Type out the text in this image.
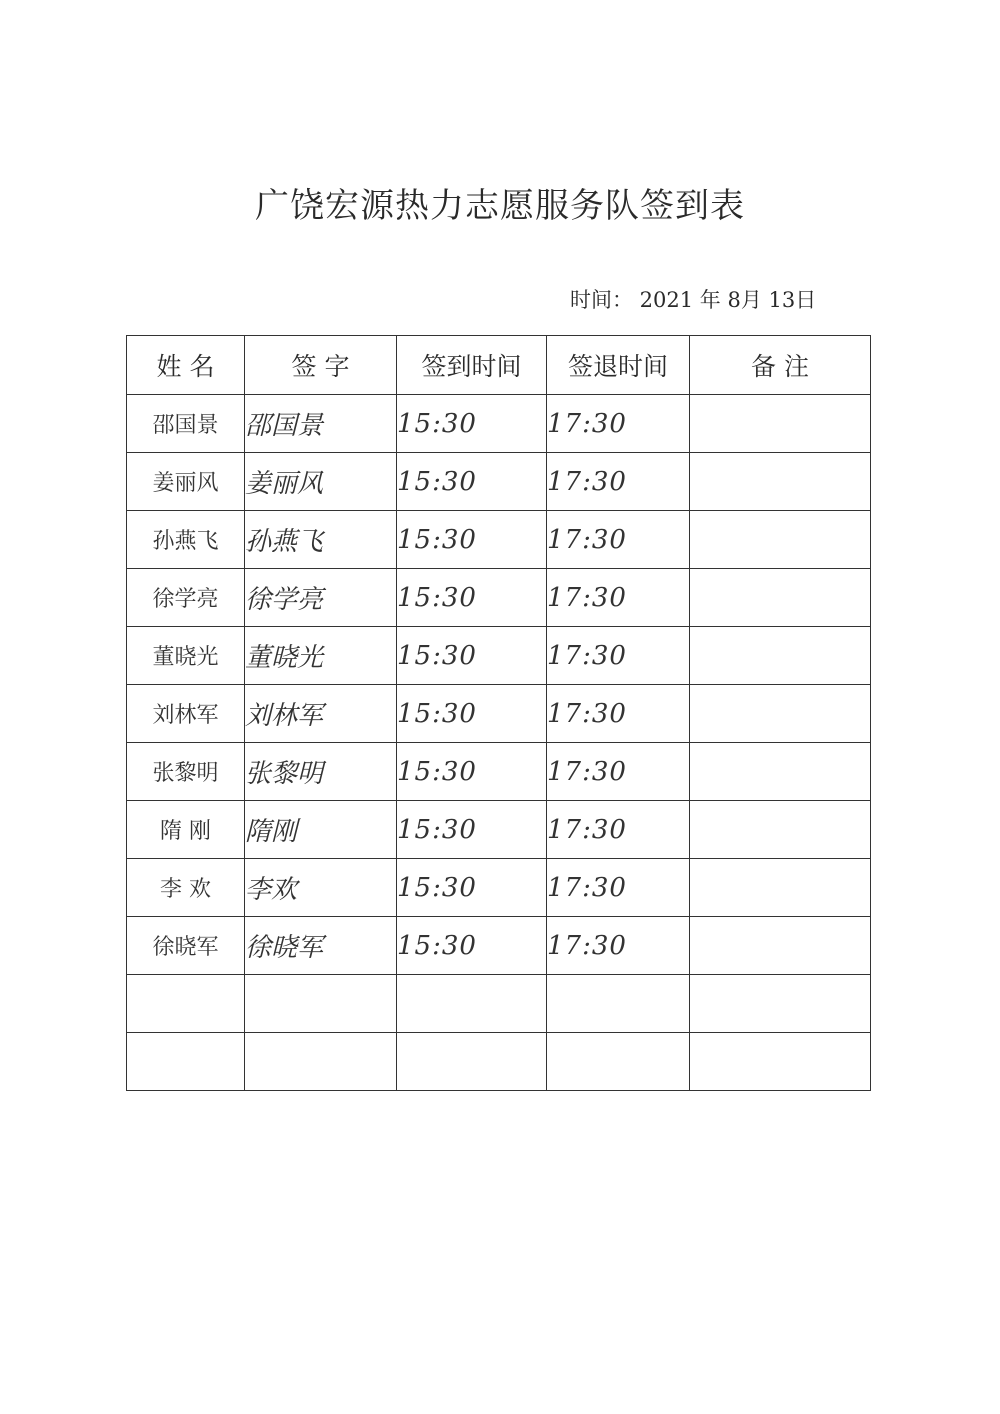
广饶宏源热力志愿服务队签到表
时间： 2021 年 8月 13日
姓 名	签 字	签到时间	签退时间	备 注
邵国景	邵国景	15:30	17:30	
姜丽风	姜丽风	15:30	17:30	
孙燕飞	孙燕飞	15:30	17:30	
徐学亮	徐学亮	15:30	17:30	
董晓光	董晓光	15:30	17:30	
刘林军	刘林军	15:30	17:30	
张黎明	张黎明	15:30	17:30	
隋 刚	隋刚	15:30	17:30	
李 欢	李欢	15:30	17:30	
徐晓军	徐晓军	15:30	17:30	
